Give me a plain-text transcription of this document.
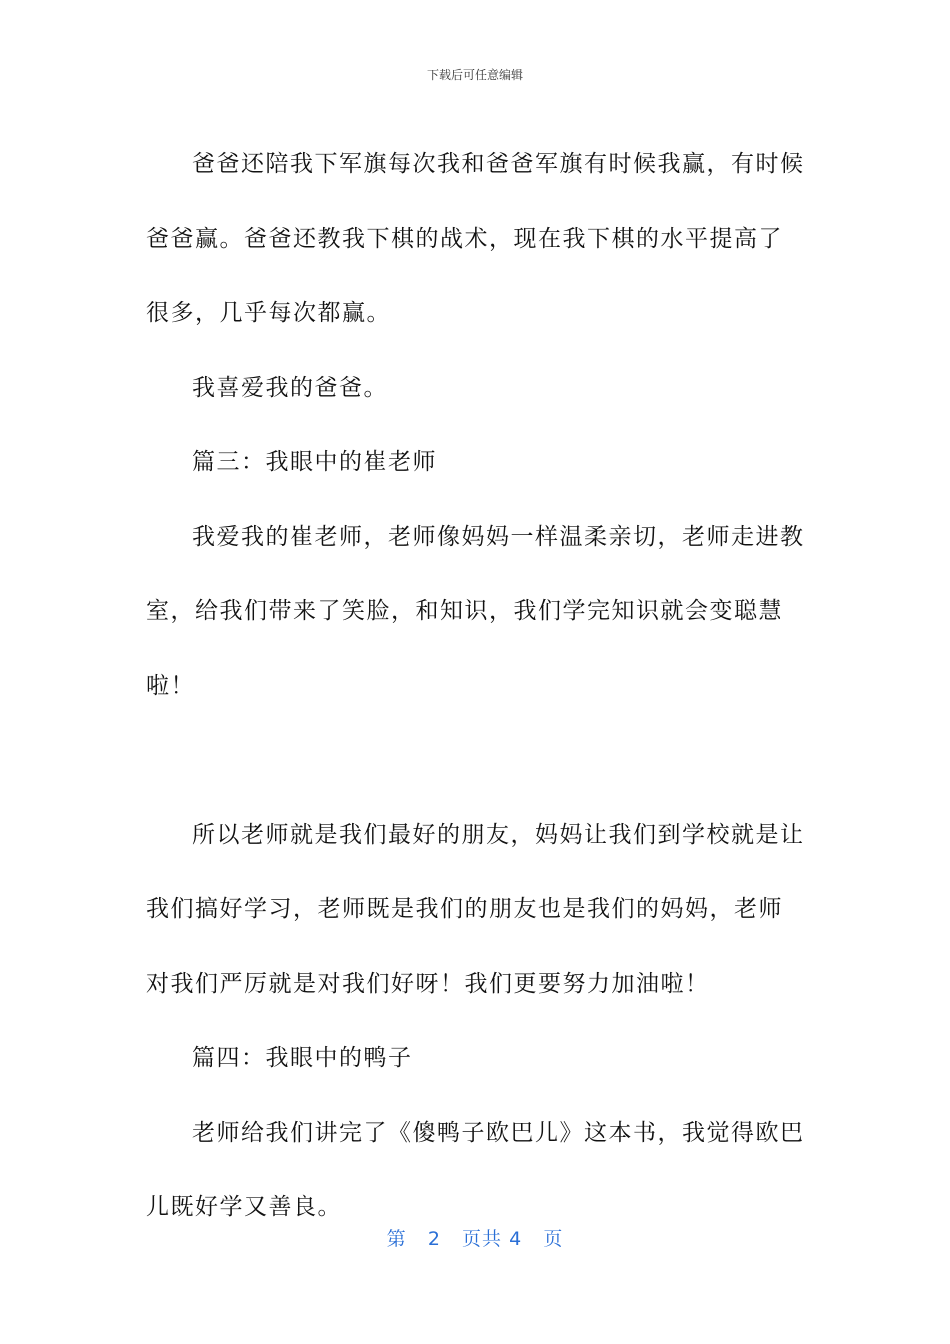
下载后可任意编辑

爸爸还陪我下军旗每次我和爸爸军旗有时候我赢，有时候爸爸赢。爸爸还教我下棋的战术，现在我下棋的水平提高了很多，几乎每次都赢。

我喜爱我的爸爸。

篇三：我眼中的崔老师

我爱我的崔老师，老师像妈妈一样温柔亲切，老师走进教室，给我们带来了笑脸，和知识，我们学完知识就会变聪慧啦！

所以老师就是我们最好的朋友，妈妈让我们到学校就是让我们搞好学习，老师既是我们的朋友也是我们的妈妈，老师对我们严厉就是对我们好呀！我们更要努力加油啦！

篇四：我眼中的鸭子

老师给我们讲完了《傻鸭子欧巴儿》这本书，我觉得欧巴儿既好学又善良。

第 2 页共 4 页
